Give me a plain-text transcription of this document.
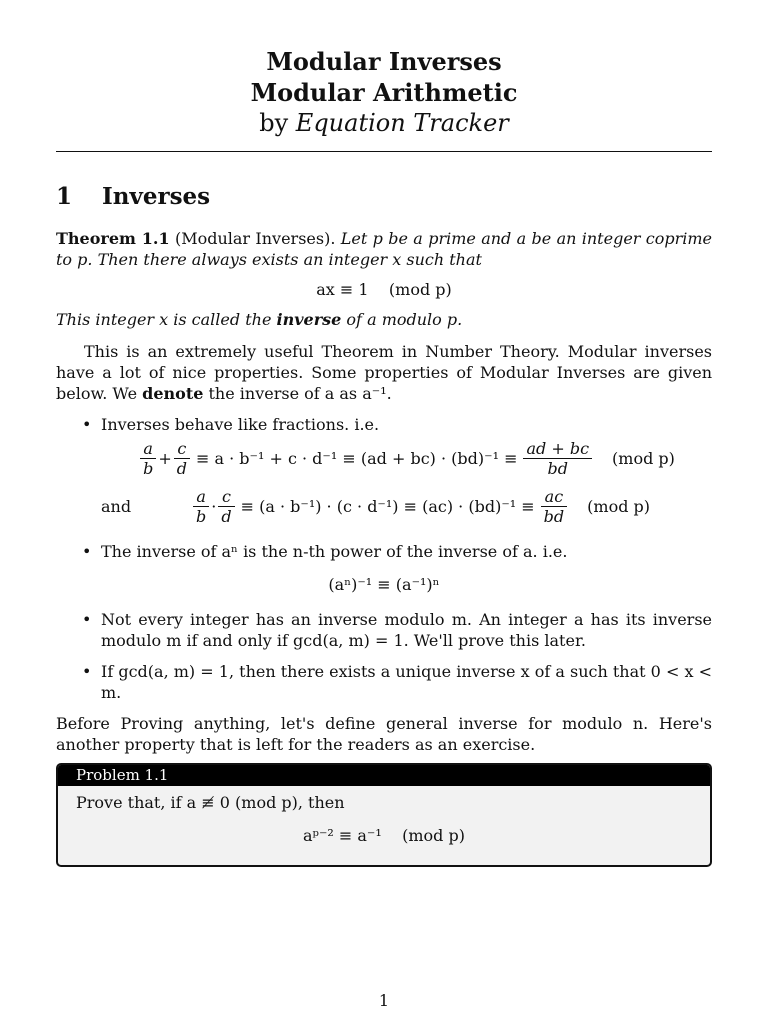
Modular Inverses
Modular Arithmetic
by Equation Tracker
1 Inverses
Theorem 1.1 (Modular Inverses). Let p be a prime and a be an integer coprime to p. Then there always exists an integer x such that
ax ≡ 1    (mod p)
This integer x is called the inverse of a modulo p.
This is an extremely useful Theorem in Number Theory. Modular inverses have a lot of nice properties. Some properties of Modular Inverses are given below. We denote the inverse of a as a⁻¹.
• Inverses behave like fractions. i.e.
$\frac{a}{b} + \frac{c}{d} \equiv a \cdot b^{-1} + c \cdot d^{-1} \equiv (ad + bc) \cdot (bd)^{-1} \equiv \frac{ad + bc}{bd} (mod$ p)
and	$\frac{a}{b} \cdot \frac{c}{d} \equiv (a \cdot b^{-1}) \cdot (c \cdot d^{-1}) \equiv (ac) \cdot (bd)^{-1} \equiv \frac{ac}{bd} (mod$ p)
• The inverse of aⁿ is the n-th power of the inverse of a. i.e.
(aⁿ)⁻¹ ≡ (a⁻¹)ⁿ
• Not every integer has an inverse modulo m. An integer a has its inverse modulo m if and only if gcd(a, m) = 1. We'll prove this later.
• If gcd(a, m) = 1, then there exists a unique inverse x of a such that 0 < x < m.
Before Proving anything, let's define general inverse for modulo n. Here's another property that is left for the readers as an exercise.
Problem 1.1
Prove that, if a ≢ 0 (mod p), then
aᵖ⁻² ≡ a⁻¹    (mod p)
1
